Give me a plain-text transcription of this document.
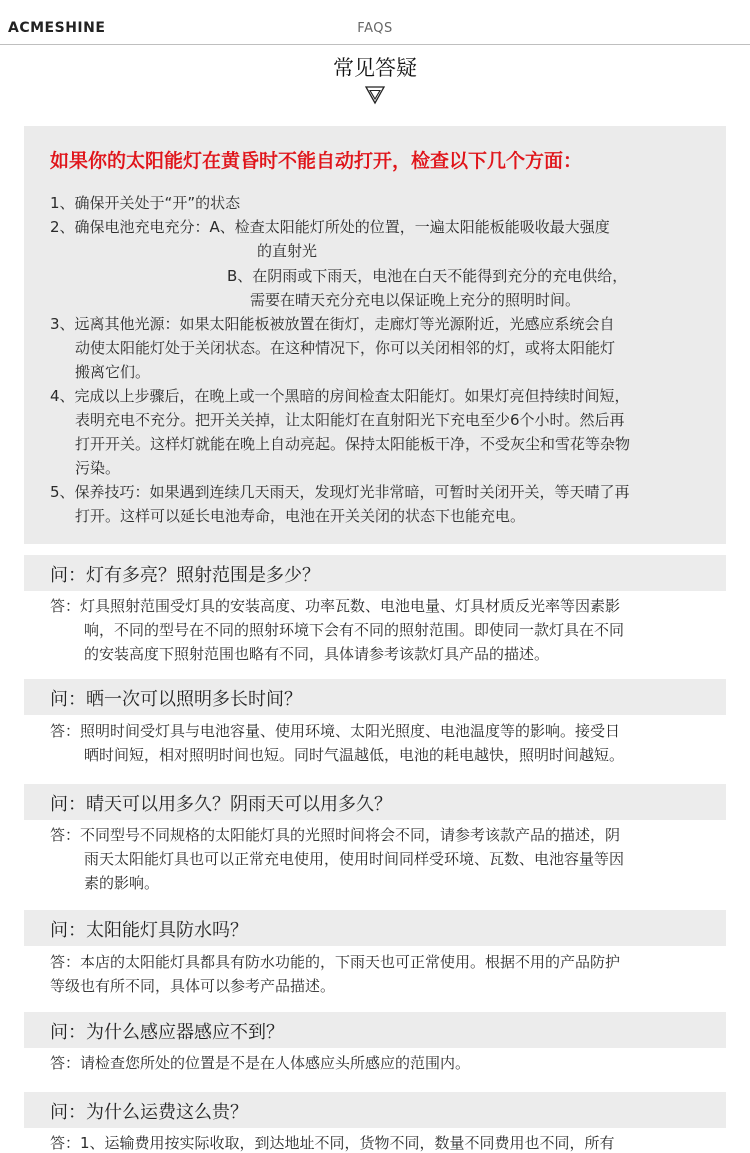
ACMESHINE	FAQS
常见答疑
如果你的太阳能灯在黄昏时不能自动打开，检查以下几个方面：
1、确保开关处于“开”的状态
2、确保电池充电充分：A、检查太阳能灯所处的位置，一遍太阳能板能吸收最大强度
的直射光
B、在阴雨或下雨天，电池在白天不能得到充分的充电供给，
需要在晴天充分充电以保证晚上充分的照明时间。
3、远离其他光源：如果太阳能板被放置在街灯，走廊灯等光源附近，光感应系统会自
动使太阳能灯处于关闭状态。在这种情况下，你可以关闭相邻的灯，或将太阳能灯
搬离它们。
4、完成以上步骤后，在晚上或一个黑暗的房间检查太阳能灯。如果灯亮但持续时间短，
表明充电不充分。把开关关掉，让太阳能灯在直射阳光下充电至少6个小时。然后再
打开开关。这样灯就能在晚上自动亮起。保持太阳能板干净，不受灰尘和雪花等杂物
污染。
5、保养技巧：如果遇到连续几天雨天，发现灯光非常暗，可暂时关闭开关，等天晴了再
打开。这样可以延长电池寿命，电池在开关关闭的状态下也能充电。
问：灯有多亮？照射范围是多少？
答：灯具照射范围受灯具的安装高度、功率瓦数、电池电量、灯具材质反光率等因素影
响，不同的型号在不同的照射环境下会有不同的照射范围。即使同一款灯具在不同
的安装高度下照射范围也略有不同，具体请参考该款灯具产品的描述。
问：晒一次可以照明多长时间？
答：照明时间受灯具与电池容量、使用环境、太阳光照度、电池温度等的影响。接受日
晒时间短，相对照明时间也短。同时气温越低，电池的耗电越快，照明时间越短。
问：晴天可以用多久？阴雨天可以用多久？
答：不同型号不同规格的太阳能灯具的光照时间将会不同，请参考该款产品的描述，阴
雨天太阳能灯具也可以正常充电使用，使用时间同样受环境、瓦数、电池容量等因
素的影响。
问：太阳能灯具防水吗？
答：本店的太阳能灯具都具有防水功能的，下雨天也可正常使用。根据不用的产品防护
等级也有所不同，具体可以参考产品描述。
问：为什么感应器感应不到？
答：请检查您所处的位置是不是在人体感应头所感应的范围内。
问：为什么运费这么贵？
答：1、运输费用按实际收取，到达地址不同，货物不同，数量不同费用也不同，所有
